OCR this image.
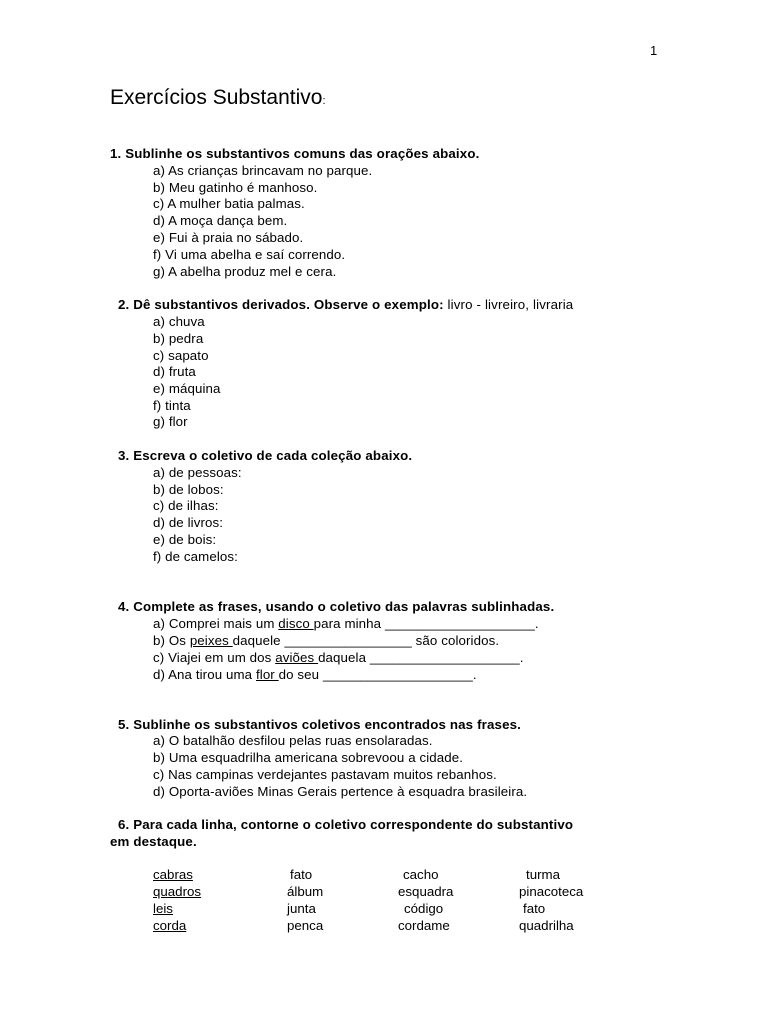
1
Exercícios Substantivo:
1. Sublinhe os substantivos comuns das orações abaixo.
a) As crianças brincavam no parque.
b) Meu gatinho é manhoso.
c) A mulher batia palmas.
d) A moça dança bem.
e) Fui à praia no sábado.
f) Vi uma abelha e saí correndo.
g) A abelha produz mel e cera.
2. Dê substantivos derivados. Observe o exemplo: livro - livreiro, livraria
a) chuva
b) pedra
c) sapato
d) fruta
e) máquina
f) tinta
g) flor
3. Escreva o coletivo de cada coleção abaixo.
a) de pessoas:
b) de lobos:
c) de ilhas:
d) de livros:
e) de bois:
f) de camelos:
4. Complete as frases, usando o coletivo das palavras sublinhadas.
a) Comprei mais um disco para minha ____________________.
b) Os peixes daquele _________________ são coloridos.
c) Viajei em um dos aviões daquela ____________________.
d) Ana tirou uma flor do seu ____________________.
5. Sublinhe os substantivos coletivos encontrados nas frases.
a) O batalhão desfilou pelas ruas ensolaradas.
b) Uma esquadrilha americana sobrevoou a cidade.
c) Nas campinas verdejantes pastavam muitos rebanhos.
d) Oporta-aviões Minas Gerais pertence à esquadra brasileira.
6. Para cada linha, contorne o coletivo correspondente do substantivo
em destaque.
cabras	fato	cacho	turma
quadros	álbum	esquadra	pinacoteca
leis	junta	código	fato
corda	penca	cordame	quadrilha
